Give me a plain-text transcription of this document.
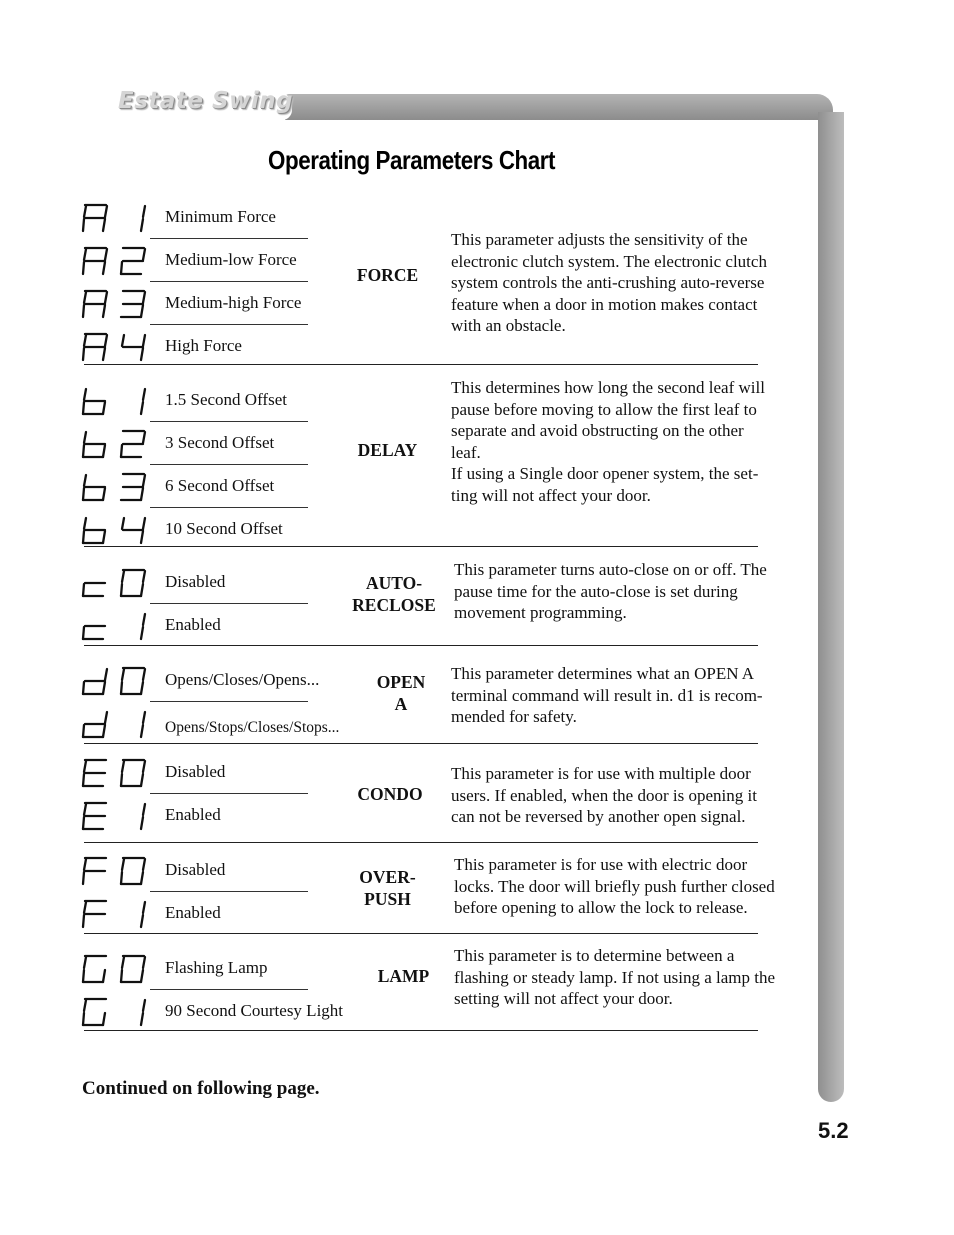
Estate Swing
Operating Parameters Chart
Minimum Force
Medium-low Force
Medium-high Force
High Force
FORCE
This parameter adjusts the sensitivity of the
electronic clutch system. The electronic clutch
system controls the anti-crushing auto-reverse
feature when a door in motion makes contact
with an obstacle.
1.5 Second Offset
3 Second Offset
6 Second Offset
10 Second Offset
DELAY
This determines how long the second leaf will
pause before moving to allow the first leaf to
separate and avoid obstructing on the other
leaf.
If using a Single door opener system, the set-
ting will not affect your door.
Disabled
Enabled
AUTO-
RECLOSE
This parameter turns auto-close on or off. The
pause time for the auto-close is set during
movement programming.
Opens/Closes/Opens...
Opens/Stops/Closes/Stops...
OPEN
A
This parameter determines what an OPEN A
terminal command will result in. d1 is recom-
mended for safety.
Disabled
Enabled
CONDO
This parameter is for use with multiple door
users. If enabled, when the door is opening it
can not be reversed by another open signal.
Disabled
Enabled
OVER-
PUSH
This parameter is for use with electric door
locks. The door will briefly push further closed
before opening to allow the lock to release.
Flashing Lamp
90 Second Courtesy Light
LAMP
This parameter is to determine between a
flashing or steady lamp. If not using a lamp the
setting will not affect your door.
Continued on following page.
5.2
